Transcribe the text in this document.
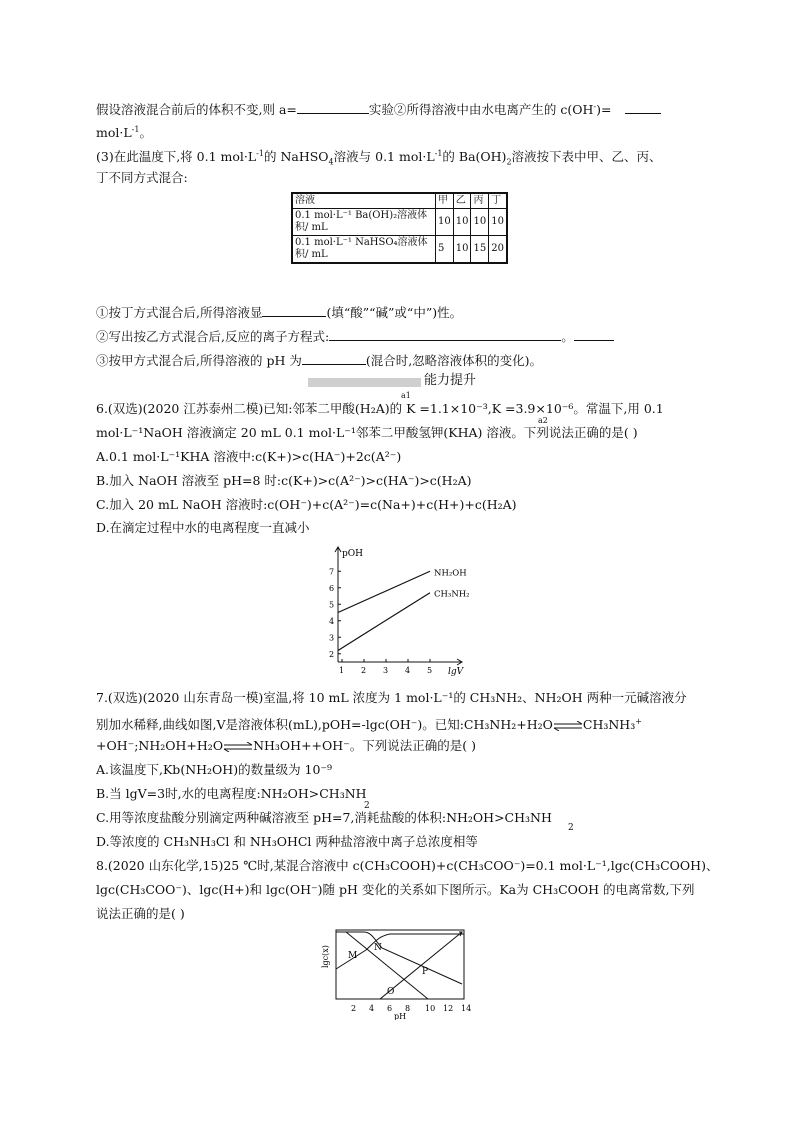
假设溶液混合前后的体积不变,则 a=	实验②所得溶液中由水电离产生的 c(OH-)=
$mol\cdot L^{-1}$。
(3)在此温度下,将 0.1 $mol\cdot L^{-1}$的 NaHSO$_4$溶液与 0.1 $mol\cdot L^{-1}$的 $Ba(OH)_2$溶液按下表中甲、乙、丙、
丁不同方式混合:
溶液	甲	乙	丙	丁
0.1 mol·L⁻¹ Ba(OH)₂溶液体
积/ mL	10	10	10	10
0.1 mol·L⁻¹ NaHSO₄溶液体
积/ mL	5	10	15	20
①按丁方式混合后,所得溶液显	(填“酸”“碱”或“中”)性。
②写出按乙方式混合后,反应的离子方程式:	。
③按甲方式混合后,所得溶液的 pH 为	(混合时,忽略溶液体积的变化)。
能力提升
6.(双选)(2020 江苏泰州二模)已知:邻苯二甲酸(H₂A)的 K =1.1×10⁻³,K =3.9×10⁻⁶。常温下,用 0.1
a1
a2
mol·L⁻¹NaOH 溶液滴定 20 mL 0.1 mol·L⁻¹邻苯二甲酸氢钾(KHA) 溶液。下列说法正确的是( )
A.0.1 mol·L⁻¹KHA 溶液中:c(K+)>c(HA⁻)+2c(A²⁻)
B.加入 NaOH 溶液至 pH=8 时:c(K+)>c(A²⁻)>c(HA⁻)>c(H₂A)
C.加入 20 mL NaOH 溶液时:c(OH⁻)+c(A²⁻)=c(Na+)+c(H+)+c(H₂A)
D.在滴定过程中水的电离程度一直减小
pOH
lgV
2
3
4
5
6
7
1 2 3 4 5
NH₂OH
CH₃NH₂
7.(双选)(2020 山东青岛一模)室温,将 10 mL 浓度为 1 mol·L⁻¹的 CH₃NH₂、NH₂OH 两种一元碱溶液分
别加水稀释,曲线如图,V是溶液体积(mL),pOH=-lgc(OH⁻)。已知:CH₃NH₂+H₂O⇌CH₃NH₃+
+OH⁻;NH₂OH+H₂O⇌NH₃OH++OH⁻。下列说法正确的是( )
A.该温度下,Kb(NH₂OH)的数量级为 10⁻⁹
B.当 lgV=3时,水的电离程度:NH₂OH>CH₃NH
2
C.用等浓度盐酸分别滴定两种碱溶液至 pH=7,消耗盐酸的体积:NH₂OH>CH₃NH
2
D.等浓度的 CH₃NH₃Cl 和 NH₃OHCl 两种盐溶液中离子总浓度相等
8.(2020 山东化学,15)25 ℃时,某混合溶液中 c(CH₃COOH)+c(CH₃COO⁻)=0.1 mol·L⁻¹,lgc(CH₃COOH)、
lgc(CH₃COO⁻)、lgc(H+)和 lgc(OH⁻)随 pH 变化的关系如下图所示。Ka为 CH₃COOH 的电离常数,下列
说法正确的是( )
lgc(x)
2 4 6 8 10 12 14
pH
M
N
O
P
